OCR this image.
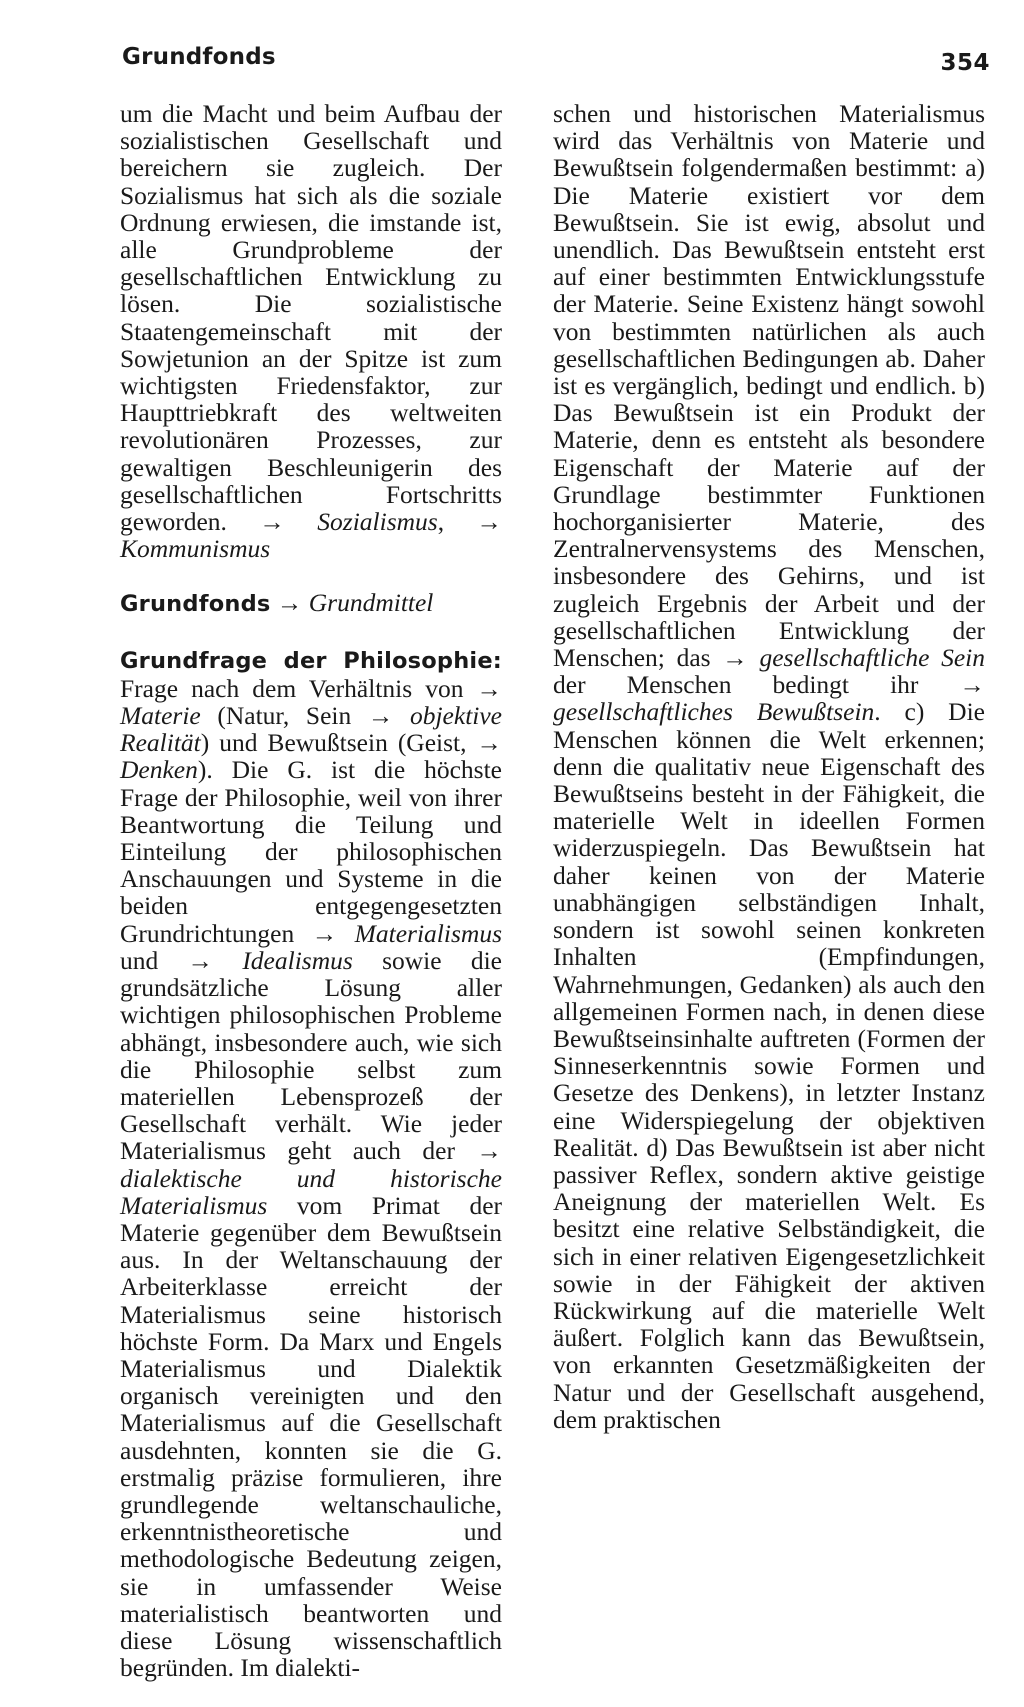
Grundfonds	354

um die Macht und beim Aufbau der sozialistischen Gesellschaft und bereichern sie zugleich. Der Sozialismus hat sich als die soziale Ordnung erwiesen, die imstande ist, alle Grundprobleme der gesellschaftlichen Entwicklung zu lösen. Die sozialistische Staatengemeinschaft mit der Sowjetunion an der Spitze ist zum wichtigsten Friedensfaktor, zur Haupttriebkraft des weltweiten revolutionären Prozesses, zur gewaltigen Beschleunigerin des gesellschaftlichen Fortschritts geworden. → Sozialismus, → Kommunismus

Grundfonds → Grundmittel

Grundfrage der Philosophie: Frage nach dem Verhältnis von → Materie (Natur, Sein → objektive Realität) und Bewußtsein (Geist, → Denken). Die G. ist die höchste Frage der Philosophie, weil von ihrer Beantwortung die Teilung und Einteilung der philosophischen Anschauungen und Systeme in die beiden entgegengesetzten Grundrichtungen → Materialismus und → Idealismus sowie die grundsätzliche Lösung aller wichtigen philosophischen Probleme abhängt, insbesondere auch, wie sich die Philosophie selbst zum materiellen Lebensprozeß der Gesellschaft verhält. Wie jeder Materialismus geht auch der → dialektische und historische Materialismus vom Primat der Materie gegenüber dem Bewußtsein aus. In der Weltanschauung der Arbeiterklasse erreicht der Materialismus seine historisch höchste Form. Da Marx und Engels Materialismus und Dialektik organisch vereinigten und den Materialismus auf die Gesellschaft ausdehnten, konnten sie die G. erstmalig präzise formulieren, ihre grundlegende weltanschauliche, erkenntnistheoretische und methodologische Bedeutung zeigen, sie in umfassender Weise materialistisch beantworten und diese Lösung wissenschaftlich begründen. Im dialekti-

schen und historischen Materialismus wird das Verhältnis von Materie und Bewußtsein folgendermaßen bestimmt: a) Die Materie existiert vor dem Bewußtsein. Sie ist ewig, absolut und unendlich. Das Bewußtsein entsteht erst auf einer bestimmten Entwicklungsstufe der Materie. Seine Existenz hängt sowohl von bestimmten natürlichen als auch gesellschaftlichen Bedingungen ab. Daher ist es vergänglich, bedingt und endlich. b) Das Bewußtsein ist ein Produkt der Materie, denn es entsteht als besondere Eigenschaft der Materie auf der Grundlage bestimmter Funktionen hochorganisierter Materie, des Zentralnervensystems des Menschen, insbesondere des Gehirns, und ist zugleich Ergebnis der Arbeit und der gesellschaftlichen Entwicklung der Menschen; das → gesellschaftliche Sein der Menschen bedingt ihr → gesellschaftliches Bewußtsein. c) Die Menschen können die Welt erkennen; denn die qualitativ neue Eigenschaft des Bewußtseins besteht in der Fähigkeit, die materielle Welt in ideellen Formen widerzuspiegeln. Das Bewußtsein hat daher keinen von der Materie unabhängigen selbständigen Inhalt, sondern ist sowohl seinen konkreten Inhalten (Empfindungen, Wahrnehmungen, Gedanken) als auch den allgemeinen Formen nach, in denen diese Bewußtseinsinhalte auftreten (Formen der Sinneserkenntnis sowie Formen und Gesetze des Denkens), in letzter Instanz eine Widerspiegelung der objektiven Realität. d) Das Bewußtsein ist aber nicht passiver Reflex, sondern aktive geistige Aneignung der materiellen Welt. Es besitzt eine relative Selbständigkeit, die sich in einer relativen Eigengesetzlichkeit sowie in der Fähigkeit der aktiven Rückwirkung auf die materielle Welt äußert. Folglich kann das Bewußtsein, von erkannten Gesetzmäßigkeiten der Natur und der Gesellschaft ausgehend, dem praktischen
